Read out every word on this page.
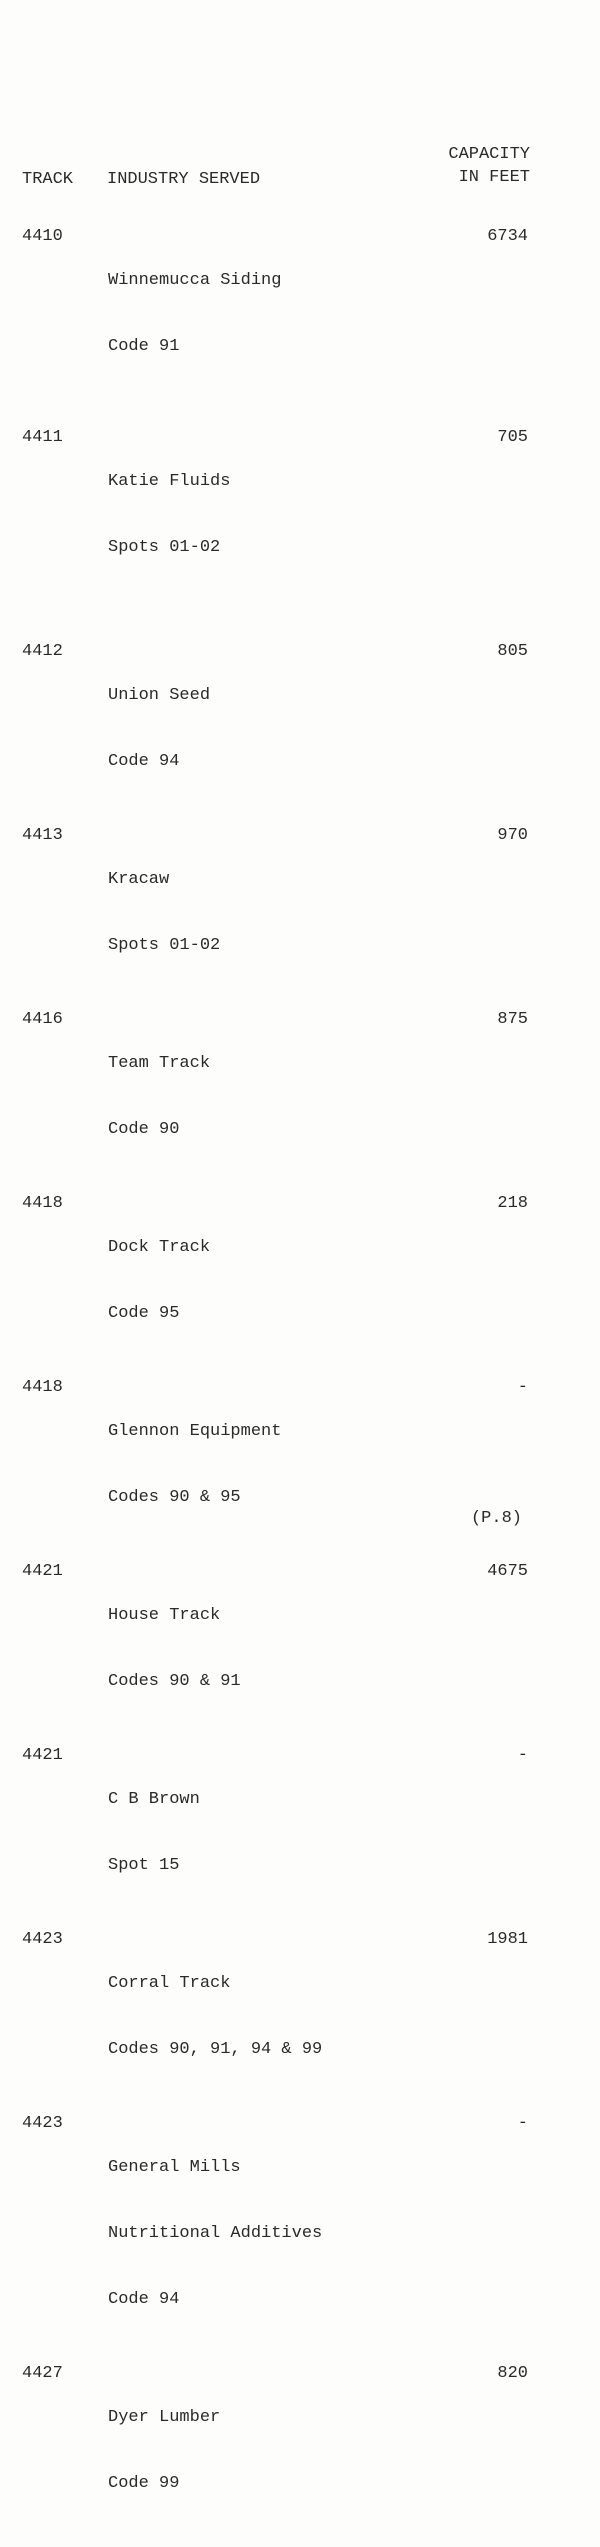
TRACK INDUSTRY SERVED
CAPACITY
IN FEET
4410

Winnemucca Siding

Code 91

6734
4411

Katie Fluids

Spots 01-02

705
4412

Union Seed

Code 94

805
4413

Kracaw

Spots 01-02

970
4416

Team Track

Code 90

875
4418

Dock Track

Code 95

218
4418

Glennon Equipment

Codes 90 & 95

-
4421

House Track

Codes 90 & 91

4675
4421

C B Brown

Spot 15

-
4423

Corral Track

Codes 90, 91, 94 & 99

1981
4423

General Mills

Nutritional Additives

Code 94

-
4427

Dyer Lumber

Code 99

820
(P.8)
